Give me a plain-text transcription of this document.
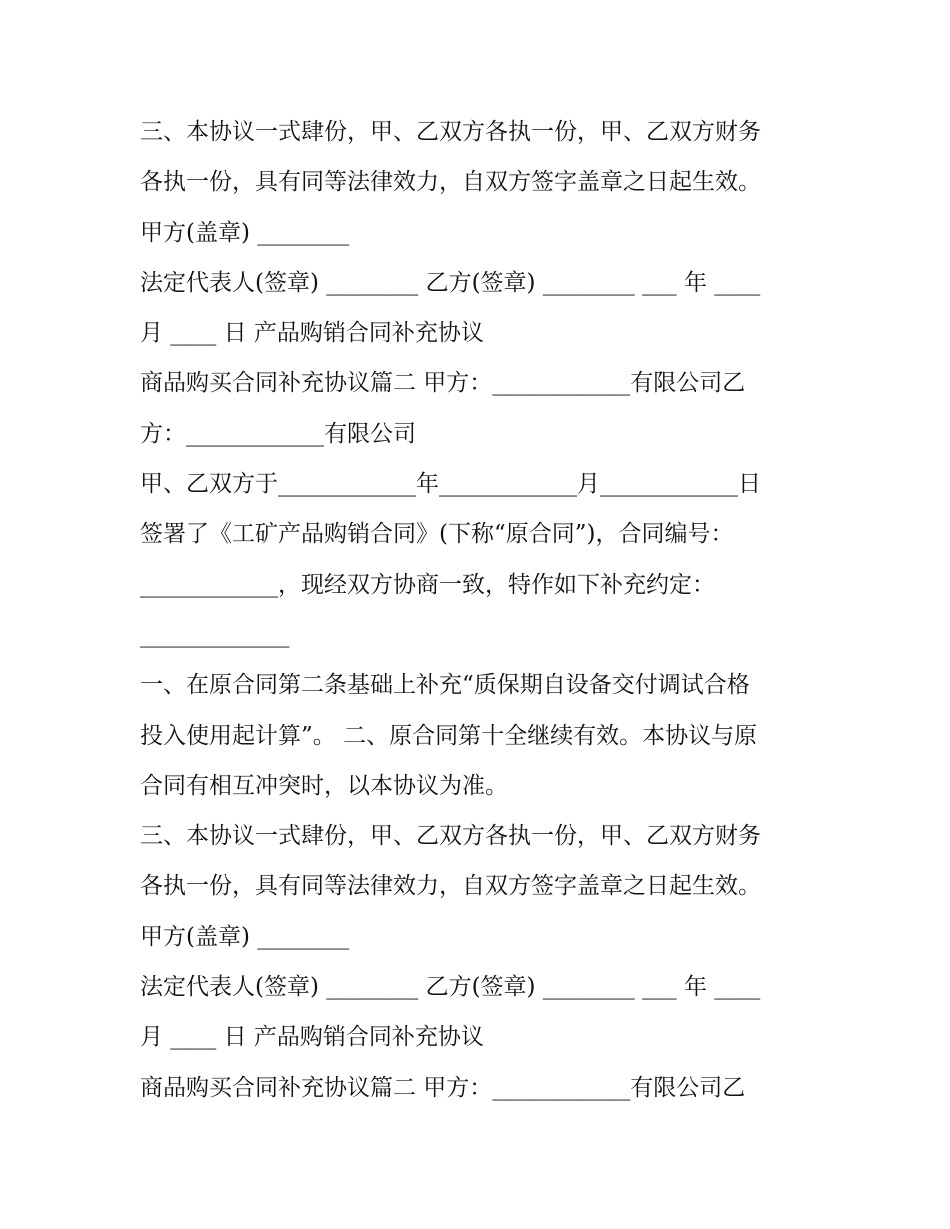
三、本协议一式肆份，甲、乙双方各执一份，甲、乙双方财务
各执一份，具有同等法律效力，自双方签字盖章之日起生效。
甲方(盖章) ________
法定代表人(签章) ________ 乙方(签章) ________ ___ 年 ____
月 ____ 日 产品购销合同补充协议
商品购买合同补充协议篇二 甲方：____________有限公司乙
方：____________有限公司
甲、乙双方于____________年____________月____________日
签署了《工矿产品购销合同》(下称“原合同”)，合同编号：
____________，现经双方协商一致，特作如下补充约定：
_____________
一、在原合同第二条基础上补充“质保期自设备交付调试合格
投入使用起计算”。 二、原合同第十全继续有效。本协议与原
合同有相互冲突时，以本协议为准。
三、本协议一式肆份，甲、乙双方各执一份，甲、乙双方财务
各执一份，具有同等法律效力，自双方签字盖章之日起生效。
甲方(盖章) ________
法定代表人(签章) ________ 乙方(签章) ________ ___ 年 ____
月 ____ 日 产品购销合同补充协议
商品购买合同补充协议篇二 甲方：____________有限公司乙
